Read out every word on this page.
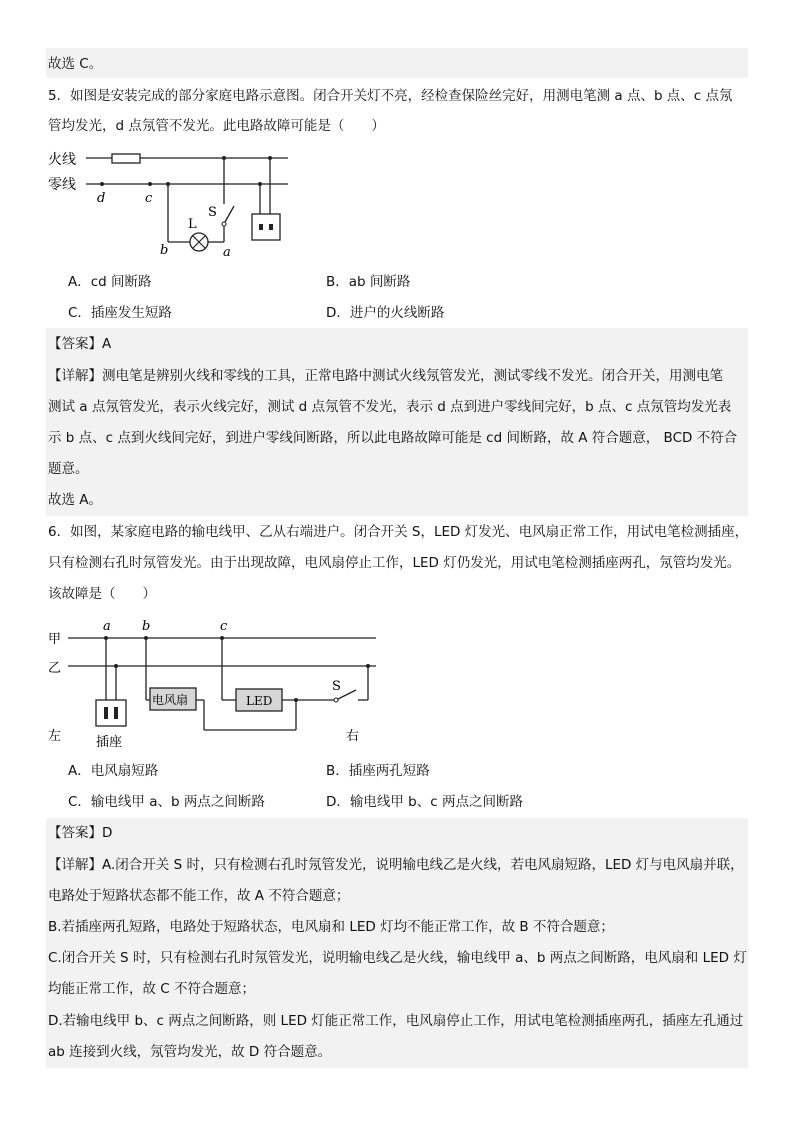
故选 C。
5．如图是安装完成的部分家庭电路示意图。闭合开关灯不亮，经检查保险丝完好，用测电笔测 a 点、b 点、c 点氖
管均发光，d 点氖管不发光。此电路故障可能是（　　）
火线
零线
d	c
L
S
b	a
A．cd 间断路	B．ab 间断路
C．插座发生短路	D．进户的火线断路
【答案】A
【详解】测电笔是辨别火线和零线的工具，正常电路中测试火线氖管发光，测试零线不发光。闭合开关，用测电笔
测试 a 点氖管发光，表示火线完好，测试 d 点氖管不发光，表示 d 点到进户零线间完好，b 点、c 点氖管均发光表
示 b 点、c 点到火线间完好，到进户零线间断路，所以此电路故障可能是 cd 间断路，故 A 符合题意， BCD 不符合
题意。
故选 A。
6．如图，某家庭电路的输电线甲、乙从右端进户。闭合开关 S，LED 灯发光、电风扇正常工作，用试电笔检测插座，
只有检测右孔时氖管发光。由于出现故障，电风扇停止工作，LED 灯仍发光，用试电笔检测插座两孔，氖管均发光。
该故障是（　　）
甲
乙
左	右
a b	c
插座
电风扇	LED
S
A．电风扇短路	B．插座两孔短路
C．输电线甲 a、b 两点之间断路	D．输电线甲 b、c 两点之间断路
【答案】D
【详解】A.闭合开关 S 时，只有检测右孔时氖管发光，说明输电线乙是火线，若电风扇短路，LED 灯与电风扇并联，
电路处于短路状态都不能工作，故 A 不符合题意；
B.若插座两孔短路，电路处于短路状态，电风扇和 LED 灯均不能正常工作，故 B 不符合题意；
C.闭合开关 S 时，只有检测右孔时氖管发光，说明输电线乙是火线，输电线甲 a、b 两点之间断路，电风扇和 LED 灯
均能正常工作，故 C 不符合题意；
D.若输电线甲 b、c 两点之间断路，则 LED 灯能正常工作，电风扇停止工作，用试电笔检测插座两孔，插座左孔通过
ab 连接到火线，氖管均发光，故 D 符合题意。
